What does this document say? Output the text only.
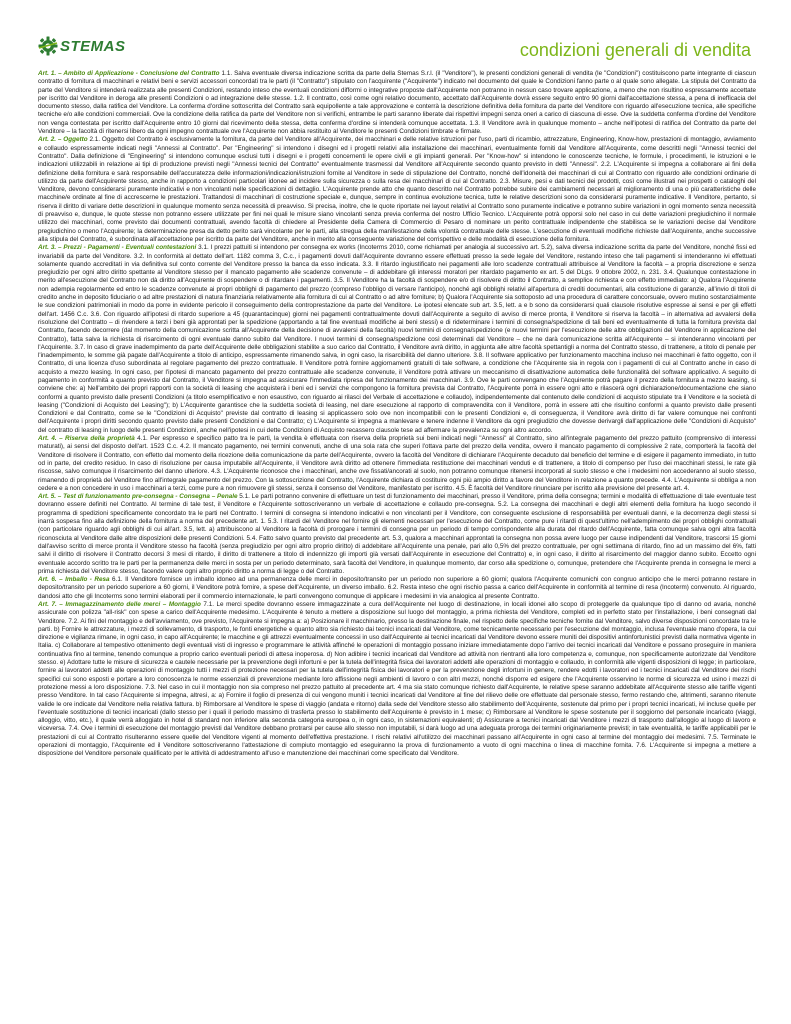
STEMAS	condizioni generali di vendita

Art. 1. – Ambito di Applicazione - Conclusione del Contratto 1.1. Salva eventuale diversa indicazione scritta da parte della Stemas S.r.l. (il "Venditore"), le presenti condizioni generali di vendita (le "Condizioni") costituiscono parte integrante di ciascun contratto di fornitura di macchinari e relativi beni e servizi accessori concordati tra le parti (il "Contratto") stipulato con l'acquirente ("Acquirente") indicato nel documento del quale le Condizioni fanno parte o al quale sono allegate. La stipula del Contratto da parte del Venditore si intenderà realizzata alle presenti Condizioni, restando inteso che eventuali condizioni difformi o integrative proposte dall'Acquirente non potranno in nessun caso trovare applicazione, a meno che non risultino espressamente accettate per iscritto dal Venditore in deroga alle presenti Condizioni o ad integrazione delle stesse. 1.2. Il contratto, così come ogni relativo documento, accettato dall'Acquirente dovrà essere seguito entro 90 giorni dall'accettazione stessa, a pena di inefficacia del documento stesso, dalla ratifica del Venditore. La conferma d'ordine sottoscritta del Contratto sarà equipollente a tale approvazione e conterrà la descrizione definitiva della fornitura da parte del Venditore con riguardo all'esecuzione tecnica, alle specifiche tecniche e/o alle condizioni commerciali. Ove la condizione della ratifica da parte del Venditore non si verifichi, entrambe le parti saranno liberate dai rispettivi impegni senza oneri a carico di ciascuna di esse. Ove la suddetta conferma d'ordine del Venditore non venga contestata per iscritto dall'Acquirente entro 10 giorni dal ricevimento della stessa, detta conferma d'ordine si intenderà comunque accettata. 1.3. Il Venditore avrà in qualunque momento – anche nell'ipotesi di ratifica del Contratto da parte del Venditore – la facoltà di ritenersi libero da ogni impegno contrattuale ove l'Acquirente non abbia restituito al Venditore le presenti Condizioni timbrate e firmate.

Art. 2. – Oggetto 2.1. Oggetto del Contratto è esclusivamente la fornitura, da parte del Venditore all'Acquirente, dei macchinari e delle relative istruzioni per l'uso, parti di ricambio, attrezzature, Engineering, Know-how, prestazioni di montaggio, avviamento e collaudo espressamente indicati negli "Annessi al Contratto". Per "Engineering" si intendono i disegni ed i progetti relativi alla installazione dei macchinari, eventualmente forniti dal Venditore all'Acquirente, come descritti negli "Annessi tecnici del Contratto". Dalla definizione di "Engineering" si intendono comunque esclusi tutti i disegni e i progetti concernenti le opere civili e gli impianti generali. Per "Know-how" si intendono le conoscenze tecniche, le formule, i procedimenti, le istruzioni e le indicazioni utilizzabili in relazione ai tipi di produzione previsti negli "Annessi tecnici del Contratto" eventualmente trasmessi dal Venditore all'Acquirente secondo quanto previsto in detti "Annessi". 2.2. L'Acquirente si impegna a collaborare ai fini della definizione della fornitura e sarà responsabile dell'accuratezza delle informazioni/indicazioni/istruzioni fornite al Venditore in sede di stipulazione del Contratto, nonché dell'idoneità dei macchinari di cui al Contratto con riguardo alle condizioni ordinarie di utilizzo da parte dell'Acquirente stesso, anche in rapporto a condizioni particolari idonee ad incidere sulla sicurezza o sulla resa dei macchinari di cui al Contratto. 2.3. Misure, pesi e dati tecnici dei prodotti, così come illustrati nei prospetti o cataloghi del Venditore, devono considerarsi puramente indicativi e non vincolanti nelle specificazioni di dettaglio. L'Acquirente prende atto che quanto descritto nel Contratto potrebbe subire dei cambiamenti necessari al miglioramento di una o più caratteristiche delle macchine/e ordinate al fine di accrescerne le prestazioni. Trattandosi di macchinari di costruzione speciale e, dunque, sempre in continua evoluzione tecnica, tutte le relative descrizioni sono da considerarsi puramente indicative. Il Venditore, pertanto, si riserva il diritto di variare dette descrizioni in qualunque momento senza necessità di preavviso. Si precisa, inoltre, che le quote riportate nei layout relativi al Contratto sono puramente indicative e potranno subire variazioni in ogni momento senza necessità di preavviso e, dunque, le quote stesse non potranno essere utilizzate per fini nei quali le misure siano vincolanti senza previa conferma del nostro Ufficio Tecnico. L'Acquirente potrà opporsi solo nel caso in cui dette variazioni pregiudichino il normale utilizzo dei macchinari, come previsto dai documenti contrattuali, avendo facoltà di chiedere al Presidente della Camera di Commercio di Pesaro di nominare un perito contrattuale indipendente che stabilisca se le variazioni decise dal Venditore pregiudichino o meno l'Acquirente; la determinazione presa da detto perito sarà vincolante per le parti, alla stregua della manifestazione della volontà contrattuale delle stesse. L'esecuzione di eventuali modifiche richieste dall'Acquirente, anche successive alla stipula del Contratto, è subordinata all'accettazione per iscritto da parte del Venditore, anche in merito alla conseguente variazione del corrispettivo e delle modalità di esecuzione della fornitura.

Art. 3. – Prezzi - Pagamenti - Eventuali contestazioni 3.1. I prezzi pattuiti si intendono per consegna ex works (Incoterms 2010, come richiamati per analogia al successivo art. 5.2), salva diversa indicazione scritta da parte del Venditore, nonché fissi ed invariabili da parte del Venditore. 3.2. In conformità al dettato dell'art. 1182 comma 3, C.c., i pagamenti dovuti dall'Acquirente dovranno essere effettuati presso la sede legale del Venditore, restando inteso che tali pagamenti si intenderanno ivi effettuati solamente quando accreditati in via definitiva sul conto corrente del Venditore presso la banca da esso indicata. 3.3. Il ritardo ingiustificato nei pagamenti alle loro scadenze contrattuali attribuisce al Venditore la facoltà – a propria discrezione e senza pregiudizio per ogni altro diritto spettante al Venditore stesso per il mancato pagamento alle scadenze convenute – di addebitare gli interessi moratori per ritardato pagamento ex art. 5 del DLgs. 9 ottobre 2002, n. 231. 3.4. Qualunque contestazione in merito all'esecuzione del Contratto non dà diritto all'Acquirente di sospendere o di ritardare i pagamenti. 3.5. Il Venditore ha la facoltà di sospendere e/o di risolvere di diritto il Contratto, a semplice richiesta e con effetto immediato: a) Qualora l'Acquirente non adempia regolarmente ed entro le scadenze convenute ai propri obblighi di pagamento del prezzo (compreso l'obbligo di versare l'anticipo), nonché agli obblighi relativi all'apertura di crediti documentari, alla costituzione di garanzie, all'invio di titoli di credito anche in deposito fiduciario o ad altre prestazioni di natura finanziaria relativamente alla fornitura di cui al Contratto o ad altre forniture; b) Qualora l'Acquirente sia sottoposto ad una procedura di carattere concorsuale, ovvero mutino sostanzialmente le sue condizioni patrimoniali in modo da porre in evidente pericolo il conseguimento della controprestazione da parte del Venditore. Le ipotesi elencate sub art. 3.5, lett. a e b sono da considerarsi quali clausole risolutive espresse ai sensi e per gli effetti dell'art. 1456 C.c. 3.6. Con riguardo all'ipotesi di ritardo superiore a 45 (quarantacinque) giorni nei pagamenti contrattualmente dovuti dall'Acquirente a seguito di avviso di merce pronta, il Venditore si riserva la facoltà – in alternativa ad avvalersi della risoluzione del Contratto – di rivendere a terzi i beni già approntati per la spedizione (apportando a tal fine eventuali modifiche ai beni stessi) e di rideterminare i termini di consegna/spedizione di tali beni ed eventualmente di tutta la fornitura prevista dal Contratto, facendo decorrere (dal momento della comunicazione scritta all'Acquirente della decisione di avvalersi della facoltà) nuovi termini di consegna/spedizione (e nuovi termini per l'esecuzione delle altre obbligazioni del Venditore in applicazione del Contratto), fatta salva la richiesta di risarcimento di ogni eventuale danno subito dal Venditore. I nuovi termini di consegna/spedizione così determinati dal Venditore – che ne darà comunicazione scritta all'Acquirente – si intenderanno vincolanti per l'Acquirente. 3.7. In caso di grave inadempimento da parte dell'Acquirente delle obbligazioni stabilite a suo carico dal Contratto, il Venditore avrà diritto, in aggiunta alle altre facoltà spettantigli a norma del Contratto stesso, di trattenere, a titolo di penale per l'inadempimento, le somme già pagate dall'Acquirente a titolo di anticipo, espressamente rimanendo salva, in ogni caso, la risarcibilità del danno ulteriore. 3.8. Il software applicativo per funzionamento macchina incluso nei macchinari è fatto oggetto, con il Contratto, di una licenza d'uso subordinata al regolare pagamento del prezzo contrattuale. Il Venditore potrà fornire aggiornamenti gratuiti di tale software, a condizione che l'Acquirente sia in regola con i pagamenti di cui al Contratto anche in caso di acquisto a mezzo leasing. In ogni caso, per l'ipotesi di mancato pagamento del prezzo contrattuale alle scadenze convenute, il Venditore potrà attivare un meccanismo di disattivazione automatica delle funzionalità del software applicativo. A seguito di pagamento in conformità a quanto previsto dal Contratto, il Venditore si impegna ad assicurare l'immediata ripresa del funzionamento dei macchinari. 3.9. Ove le parti convengano che l'Acquirente potrà pagare il prezzo della fornitura a mezzo leasing, si conviene che: a) Nell'ambito dei propri rapporti con la società di leasing che acquisterà i beni ed i servizi che compongono la fornitura prevista dal Contratto, l'Acquirente porrà in essere ogni atto e rilascerà ogni dichiarazione/documentazione che siano conformi a quanto previsto dalle presenti Condizioni (a titolo esemplificativo e non esaustivo, con riguardo ai rilasci del Verbale di accettazione e collaudo), indipendentemente dal contenuto delle condizioni di acquisto stipulate tra il Venditore e la società di leasing ("Condizioni di Acquisto del Leasing"); b) L'Acquirente garantisce che la suddetta società di leasing, nel dare esecuzione al rapporto di compravendita con il Venditore, porrà in essere atti che risultino conformi a quanto previsto dalle presenti Condizioni e dal Contratto, come se le "Condizioni di Acquisto" previste dal contratto di leasing si applicassero solo ove non incompatibili con le presenti Condizioni e, di conseguenza, il Venditore avrà diritto di far valere comunque nei confronti dell'Acquirente i propri diritti secondo quanto previsto dalle presenti Condizioni e dal Contratto; c) L'Acquirente si impegna a manlevare e tenere indenne il Venditore da ogni pregiudizio che dovesse derivargli dall'applicazione delle "Condizioni di Acquisto" del contratto di leasing in luogo delle presenti Condizioni, anche nell'ipotesi in cui dette Condizioni di Acquisto recassero clausole tese ad affermare la prevalenza su ogni altro accordo.

Art. 4. – Riserva della proprietà 4.1. Per espresso e specifico patto tra le parti, la vendita è effettuata con riserva della proprietà sui beni indicati negli "Annessi" al Contratto, sino all'integrale pagamento del prezzo pattuito (comprensivo di interessi maturati), ai sensi del disposto dell'art. 1523 C.c. 4.2. Il mancato pagamento, nei termini convenuti, anche di una sola rata che superi l'ottava parte del prezzo della vendita, ovvero il mancato pagamento di complessive 2 rate, comporterà la facoltà del Venditore di risolvere il Contratto, con effetto dal momento della ricezione della comunicazione da parte dell'Acquirente, ovvero la facoltà del Venditore di dichiarare l'Acquirente decaduto dal beneficio del termine e di esigere il pagamento immediato, in tutto od in parte, del credito residuo. In caso di risoluzione per causa imputabile all'Acquirente, il Venditore avrà diritto ad ottenere l'immediata restituzione dei macchinari venduti e di trattenere, a titolo di compenso per l'uso dei macchinari stessi, le rate già riscosse, salvo comunque il risarcimento del danno ulteriore. 4.3. L'Acquirente riconosce che i macchinari, anche ove fissati/ancorati al suolo, non potranno comunque ritenersi incorporati al suolo stesso e che i medesimi non accederanno al suolo stesso, rimanendo di proprietà del Venditore fino all'integrale pagamento del prezzo. Con la sottoscrizione del Contratto, l'Acquirente dichiara di costituire ogni più ampio diritto a favore del Venditore in relazione a quanto precede. 4.4. L'Acquirente si obbliga a non cedere e a non concedere in uso i macchinari a terzi, come pure a non rimuovere gli stessi, senza il consenso del Venditore, manifestato per iscritto. 4.5. È facoltà del Venditore rinunciare per iscritto alla previsione del presente art. 4.

Art. 5. – Test di funzionamento pre-consegna - Consegna – Penale 5.1. Le parti potranno convenire di effettuare un test di funzionamento dei macchinari, presso il Venditore, prima della consegna; termini e modalità di effettuazione di tale eventuale test dovranno essere definiti nel Contratto. Al termine di tale test, il Venditore e l'Acquirente sottoscriveranno un verbale di accettazione e collaudo pre-consegna. 5.2. La consegna dei macchinari e degli altri elementi della fornitura ha luogo secondo il programma di spedizioni specificamente concordato tra le parti nel Contratto. I termini di consegna si intendono indicativi e non vincolanti per il Venditore, con conseguente esclusione di responsabilità per eventuali danni, e la decorrenza degli stessi si inarrà sospesa fino alla definizione della fornitura a norma del precedente art. 1. 5.3. I ritardi del Venditore nel fornire gli elementi necessari per l'esecuzione del Contratto, come pure i ritardi di quest'ultimo nell'adempimento dei propri obblighi contrattuali (con particolare riguardo agli obblighi di cui all'art. 3.5, lett. a) attribuiscono al Venditore la facoltà di prorogare i termini di consegna per un periodo di tempo corrispondente alla durata del ritardo dell'Acquirente, fatta comunque salva ogni altra facoltà riconosciuta al Venditore dalle altre disposizioni delle presenti Condizioni. 5.4. Fatto salvo quanto previsto dal precedente art. 5.3, qualora a macchinari approntati la consegna non possa avere luogo per cause indipendenti dal Venditore, trascorsi 15 giorni dall'avviso scritto di merce pronta il Venditore stesso ha facoltà (senza pregiudizio per ogni altro proprio diritto) di addebitare all'Acquirente una penale, pari allo 0,5% del prezzo contrattuale, per ogni settimana di ritardo, fino ad un massimo del 6%, fatti salvi il diritto di risolvere il Contratto decorsi 3 mesi di ritardo, il diritto di trattenere a titolo di indennizzo gli importi già versati dall'Acquirente in esecuzione del Contratto) e, in ogni caso, il diritto al risarcimento del maggior danno subito. Eccetto ogni eventuale accordo scritto tra le parti per la permanenza delle merci in sosta per un periodo determinato, sarà facoltà del Venditore, in qualunque momento, dar corso alla spedizione o, comunque, pretendere che l'Acquirente prenda in consegna le merci a prima richiesta del Venditore stesso, facendo valere ogni altro proprio diritto a norma di legge o del Contratto.

Art. 6. – Imballo - Resa 6.1. Il Venditore fornisce un imballo idoneo ad una permanenza delle merci in deposito/transito per un periodo non superiore a 60 giorni; qualora l'Acquirente comunichi con congruo anticipo che le merci potranno restare in deposito/transito per un periodo superiore a 60 giorni, il Venditore potrà fornire, a spese dell'Acquirente, un diverso imballo. 6.2. Resta inteso che ogni rischio passa a carico dell'Acquirente in conformità al termine di resa (Incoterm) convenuto. Al riguardo, dandosi atto che gli Incoterms sono termini elaborati per il commercio internazionale, le parti convengono comunque di applicare i medesimi in via analogica al presente Contratto.

Art. 7. – Immagazzinamento delle merci – Montaggio 7.1. Le merci spedite dovranno essere immagazzinate a cura dell'Acquirente nel luogo di destinazione, in locali idonei allo scopo di proteggerle da qualunque tipo di danno od avaria, nonché assicurate con polizza "all-risk" con spese a carico dell'Acquirente medesimo. L'Acquirente è tenuto a mettere a disposizione sul luogo del montaggio, a prima richiesta del Venditore, completi ed in perfetto stato per l'installazione, i beni consegnati dal Venditore. 7.2. Ai fini del montaggio e dell'avviamento, ove previsto, l'Acquirente si impegna a: a) Posizionare il macchinario, presso la destinazione finale, nel rispetto delle specifiche tecniche fornite dal Venditore, salvo diverse disposizioni concordate tra le parti. b) Fornire le attrezzature, i mezzi di sollevamento, di trasporto, le fonti energetiche e quanto altro sia richiesto dai tecnici incaricati dal Venditore, come tecnicamente necessario per l'esecuzione del montaggio, inclusa l'eventuale mano d'opera, la cui direzione e vigilanza rimane, in ogni caso, in capo all'Acquirente; le macchine e gli attrezzi eventualmente concessi in uso dall'Acquirente ai tecnici incaricati dal Venditore devono essere muniti dei dispositivi antinfortunistici previsti dalla normativa vigente in Italia. c) Collaborare al tempestivo ottenimento degli eventuali visti di ingresso e programmare le attività affinché le operazioni di montaggio possano iniziare immediatamente dopo l'arrivo dei tecnici incaricati dal Venditore e possano proseguire in maniera continuativa fino al termine, tenendo comunque a proprio carico eventuali periodi di attesa inoperosa. d) Non adibire i tecnici incaricati dal Venditore ad attività non rientranti alla loro competenza e, comunque, non specificamente autorizzate dal Venditore stesso. e) Adottare tutte le misure di sicurezza e cautele necessarie per la prevenzione degli infortuni e per la tutela dell'integrità fisica dei lavoratori addetti alle operazioni di montaggio e collaudo, in conformità alle vigenti disposizioni di legge; in particolare, fornire ai lavoratori addetti alle operazioni di montaggio tutti i mezzi di protezione necessari per la tutela dell'integrità fisica dei lavoratori e per la prevenzione degli infortuni in genere, rendere edotti i lavoratori ed i tecnici incaricati dal Venditore dei rischi specifici cui sono esposti e portare a loro conoscenza le norme essenziali di prevenzione mediante loro affissione negli ambienti di lavoro o con altri mezzi, nonché disporre ed esigere che l'Acquirente osservino le norme di sicurezza ed usino i mezzi di protezione messi a loro disposizione. 7.3. Nel caso in cui il montaggio non sia compreso nel prezzo pattuito al precedente art. 4 ma sia stato comunque richiesto dall'Acquirente, le relative spese saranno addebitate all'Acquirente stesso alle tariffe vigenti presso Venditore. In tal caso l'Acquirente si impegna, altresì, a: a) Fornire il foglio di presenza di cui vengono muniti i tecnici incaricati dal Venditore al fine del rilievo delle ore effettuate dal personale stesso, fermo restando che, altrimenti, saranno ritenute valide le ore indicate dal Venditore nella relativa fattura. b) Rimborsare al Venditore le spese di viaggio (andata e ritorno) dalla sede del Venditore stesso allo stabilimento dell'Acquirente, sostenute dal primo per i propri tecnici incaricati, ivi incluse quelle per l'eventuale sostituzione di tecnici incaricati (dallo stesso per i quali il periodo massimo di trasferta presso lo stabilimento dell'Acquirente è previsto in 1 mese; c) Rimborsare al Venditore le spese sostenute per il soggiorno del personale incaricato (viaggi, alloggio, vitto, etc.), il quale verrà alloggiato in hotel di standard non inferiore alla seconda categoria europea o, in ogni caso, in sistemazioni equivalenti; d) Assicurare a tecnici incaricati dal Venditore i mezzi di trasporto dall'alloggio al luogo di lavoro e viceversa. 7.4. Ove i termini di esecuzione del montaggio previsti dal Venditore debbano protrarsi per cause allo stesso non imputabili, si darà luogo ad una adeguata proroga dei termini originariamente previsti; in tale eventualità, le tariffe applicabili per le prestazioni di cui al Contratto risulteranno essere quelle del Venditore vigenti al momento dell'effettiva prestazione. I rischi relativi all'utilizzo dei macchinari passano all'Acquirente in ogni caso al termine del montaggio dei medesimi. 7.5. Terminate le operazioni di montaggio, l'Acquirente ed il Venditore sottoscriveranno l'attestazione di compiuto montaggio ed eseguiranno la prova di funzionamento a vuoto di ogni macchina o linea di macchine fornita. 7.6. L'Acquirente si impegna a mettere a disposizione del Venditore personale qualificato per le attività di addestramento all'uso e manutenzione dei macchinari come specificato dal Venditore.
